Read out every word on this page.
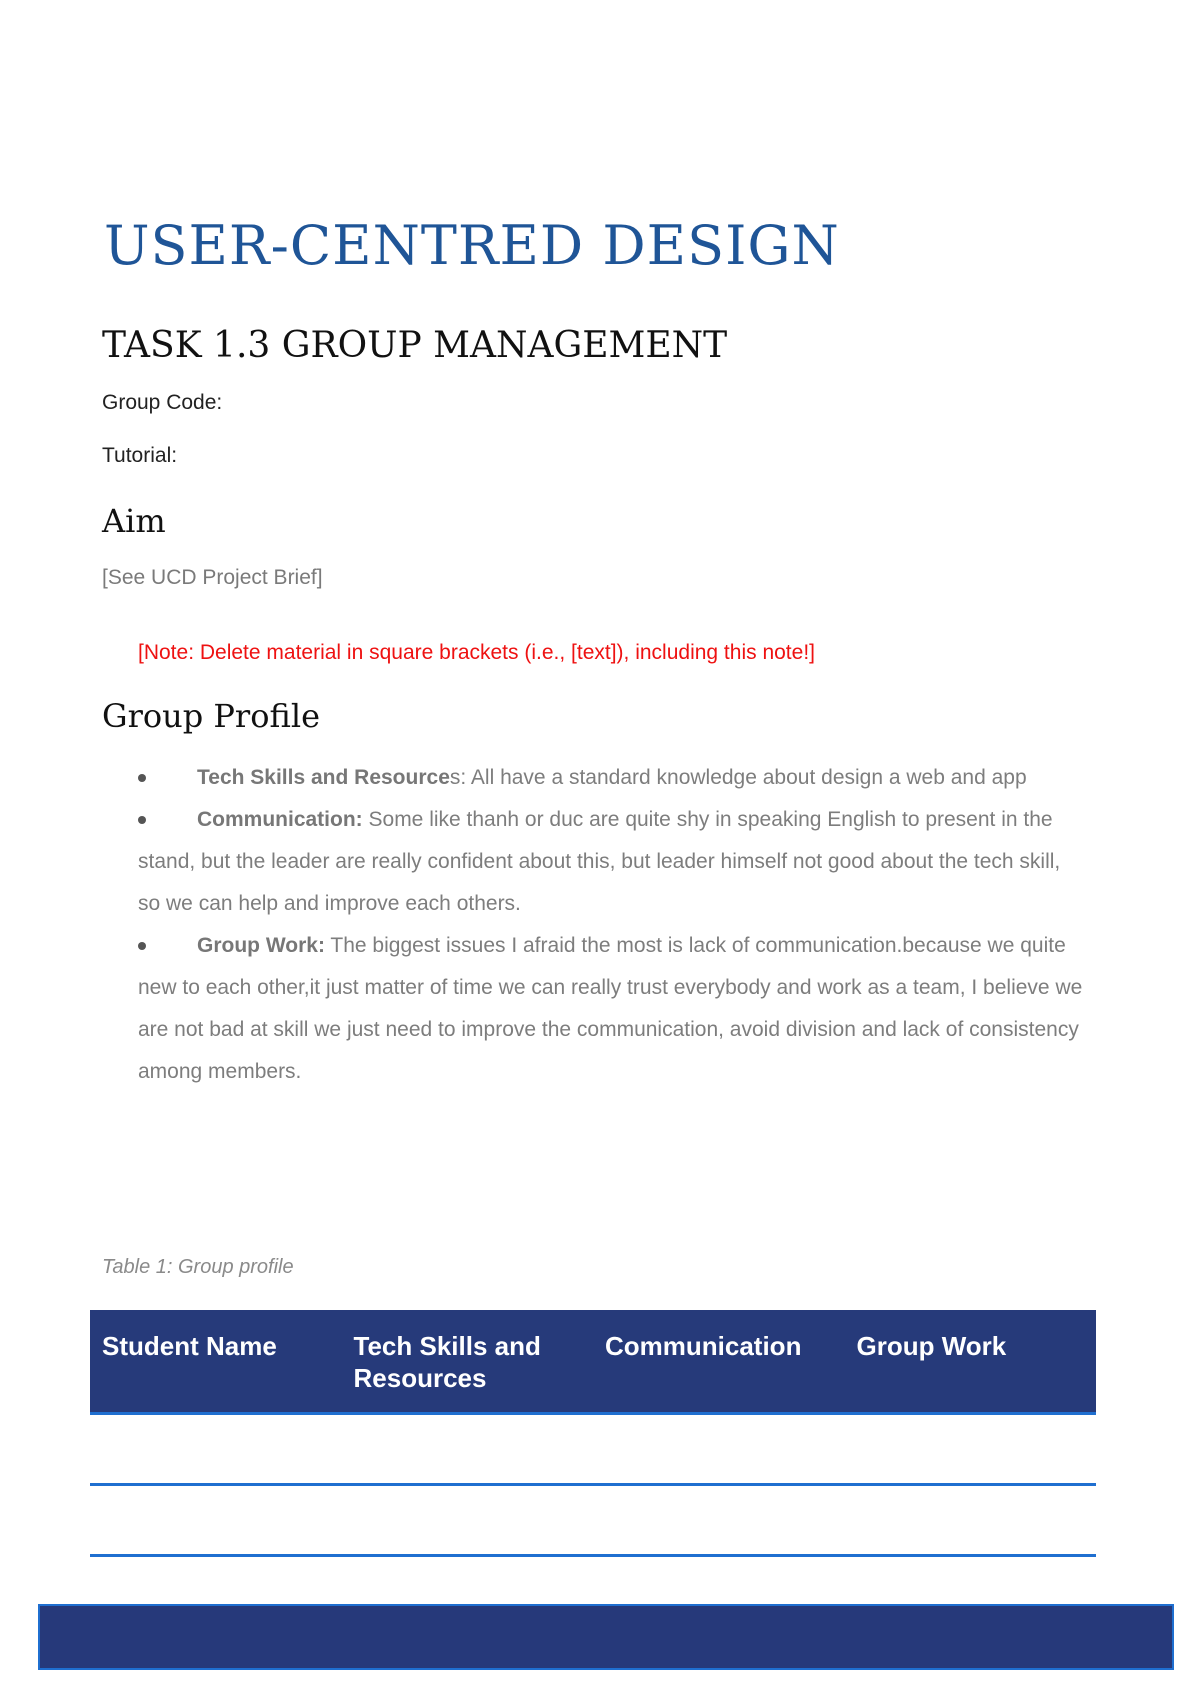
USER-CENTRED DESIGN
TASK 1.3 GROUP MANAGEMENT
Group Code:
Tutorial:
Aim
[See UCD Project Brief]
[Note: Delete material in square brackets (i.e., [text]), including this note!]
Group Profile
Tech Skills and Resources: All have a standard knowledge about design a web and app
Communication: Some like thanh or duc are quite shy in speaking English to present in the stand, but the leader are really confident about this, but leader himself not good about the tech skill, so we can help and improve each others.
Group Work: The biggest issues I afraid the most is lack of communication.because we quite new to each other,it just matter of time we can really trust everybody and work as a team, I believe we are not bad at skill we just need to improve the communication, avoid division and lack of consistency among members.
Table 1: Group profile
Student Name	Tech Skills and Resources	Communication	Group Work
